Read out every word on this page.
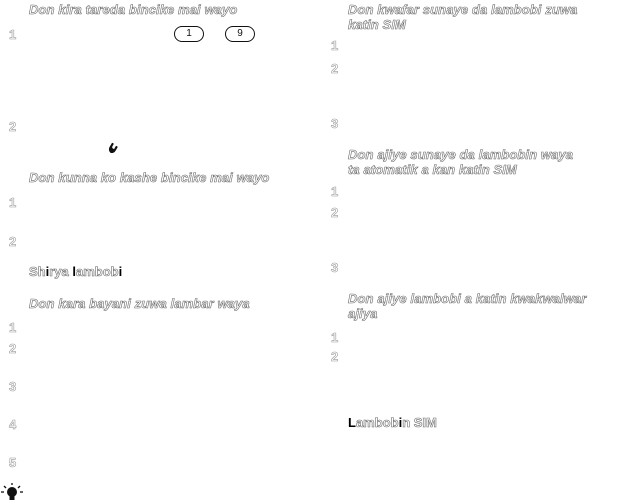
Don kira tareda bincike mai wayo
1	1	9
2
Don kunna ko kashe bincike mai wayo
1
2
Shirya lambobi
Don kara bayani zuwa lambar waya
1
2
3
4
5
Don kwafar sunaye da lambobi zuwa
katin SIM
1
2
3
Don ajiye sunaye da lambobin waya
ta atomatik a kan katin SIM
1
2
3
Don ajiye lambobi a katin kwakwalwar
ajiya
1
2
Lambobin SIM
